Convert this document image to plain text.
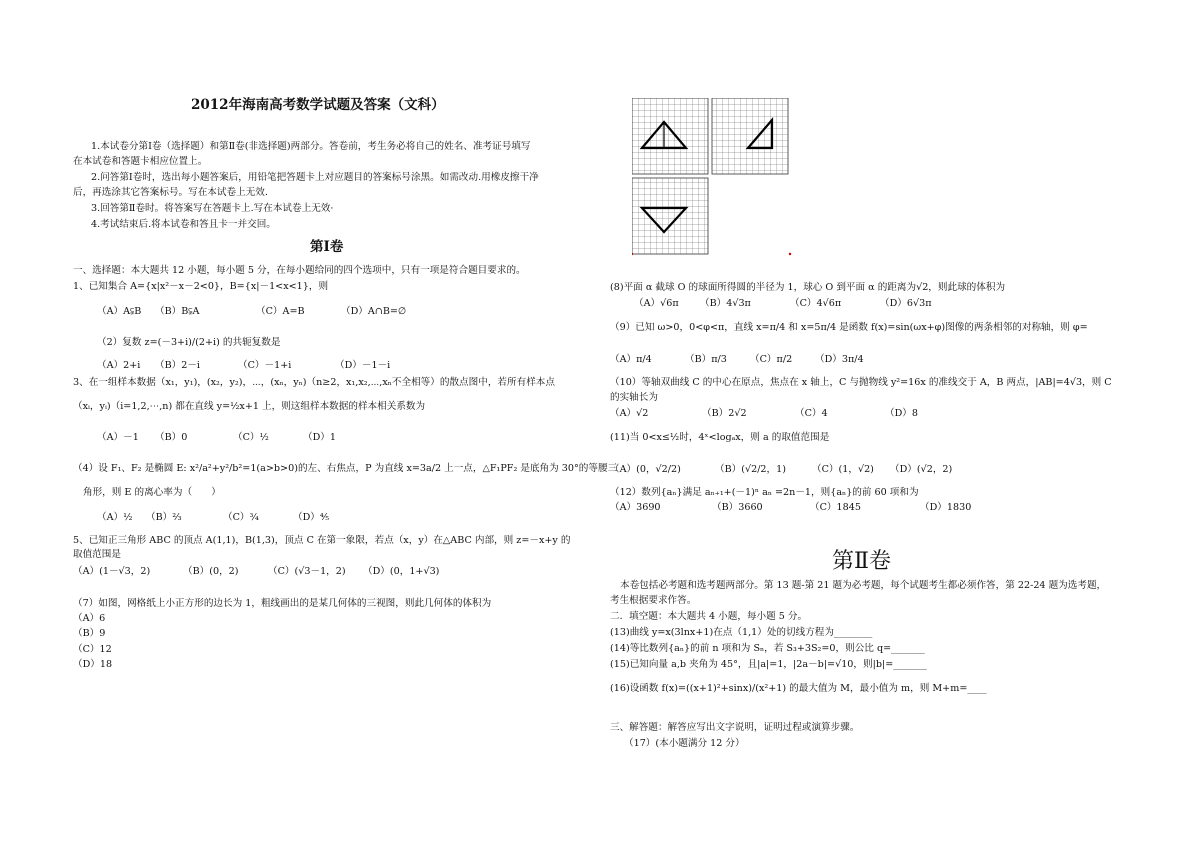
2012年海南高考数学试题及答案（文科）
1.本试卷分第Ⅰ卷（选择题）和第Ⅱ卷(非选择题)两部分。答卷前，考生务必将自己的姓名、准考证号填写
在本试卷和答题卡相应位置上。
2.问答第Ⅰ卷时，选出每小题答案后，用铅笔把答题卡上对应题目的答案标号涂黑。如需改动.用橡皮擦干净
后，再选涂其它答案标号。写在本试卷上无效.
3.回答第Ⅱ卷时。将答案写在答题卡上.写在本试卷上无效·
4.考试结束后.将本试卷和答且卡一并交回。
第Ⅰ卷
一、选择题：本大题共 12 小题，每小题 5 分，在每小题给同的四个选项中，只有一项是符合题目要求的。
1、已知集合 A={x|x²－x－2<0}，B={x|－1<x<1}，则
（A）A⫋B （B）B⫋A	（C）A=B	（D）A∩B=∅
（2）复数 z=(－3+i)/(2+i) 的共轭复数是
（A）2+i （B）2－i	（C）－1+i	（D）－1－i
3、在一组样本数据（x₁，y₁)，(x₂，y₂)，⋯，(xₙ，yₙ)（n≥2，x₁,x₂,⋯,xₙ不全相等）的散点图中，若所有样本点
（xᵢ，yᵢ)（i=1,2,⋯,n) 都在直线 y=½x+1 上，则这组样本数据的样本相关系数为
（A）－1 （B）0	（C）½	（D）1
（4）设 F₁、F₂ 是椭圆 E: x²/a²+y²/b²=1(a>b>0)的左、右焦点，P 为直线 x=3a/2 上一点，△F₁PF₂ 是底角为 30°的等腰三
角形，则 E 的离心率为（　　）
（A）½ （B）⅔	（C）¾	（D）⅘
5、已知正三角形 ABC 的顶点 A(1,1)，B(1,3)，顶点 C 在第一象限，若点（x，y）在△ABC 内部，则 z=－x+y 的
取值范围是
（A）(1－√3，2)	（B）(0，2)	（C）(√3－1，2) （D）(0，1+√3)
（7）如图，网格纸上小正方形的边长为 1，粗线画出的是某几何体的三视图，则此几何体的体积为
（A）6
（B）9
（C）12
（D）18
(8)平面 α 截球 O 的球面所得圆的半径为 1，球心 O 到平面 α 的距离为√2，则此球的体积为
（A）√6π （B）4√3π	（C）4√6π	（D）6√3π
（9）已知 ω>0，0<φ<π，直线 x=π/4 和 x=5π/4 是函数 f(x)=sin(ωx+φ)图像的两条相邻的对称轴，则 φ=
（A）π/4	（B）π/3 （C）π/2 （D）3π/4
（10）等轴双曲线 C 的中心在原点，焦点在 x 轴上，C 与抛物线 y²=16x 的准线交于 A，B 两点，|AB|=4√3，则 C
的实轴长为
（A）√2	（B）2√2	（C）4	（D）8
(11)当 0<x≤½时，4ˣ<logₐx，则 a 的取值范围是
（A）(0，√2/2)	（B）(√2/2，1)	（C）(1，√2) （D）(√2，2)
（12）数列{aₙ}满足 aₙ₊₁+(－1)ⁿ aₙ =2n－1，则{aₙ}的前 60 项和为
（A）3690	（B）3660	（C）1845	（D）1830
第Ⅱ卷
本卷包括必考题和选考题两部分。第 13 题-第 21 题为必考题，每个试题考生都必须作答，第 22-24 题为选考题，
考生根据要求作答。
二．填空题：本大题共 4 小题，每小题 5 分。
(13)曲线 y=x(3lnx+1)在点（1,1）处的切线方程为________
(14)等比数列{aₙ}的前 n 项和为 Sₙ，若 S₃+3S₂=0，则公比 q=_______
(15)已知向量 a,b 夹角为 45°，且|a|=1，|2a－b|=√10，则|b|=_______
(16)设函数 f(x)=((x+1)²+sinx)/(x²+1) 的最大值为 M，最小值为 m，则 M+m=____
三、解答题：解答应写出文字说明，证明过程或演算步骤。
（17）(本小题满分 12 分）
